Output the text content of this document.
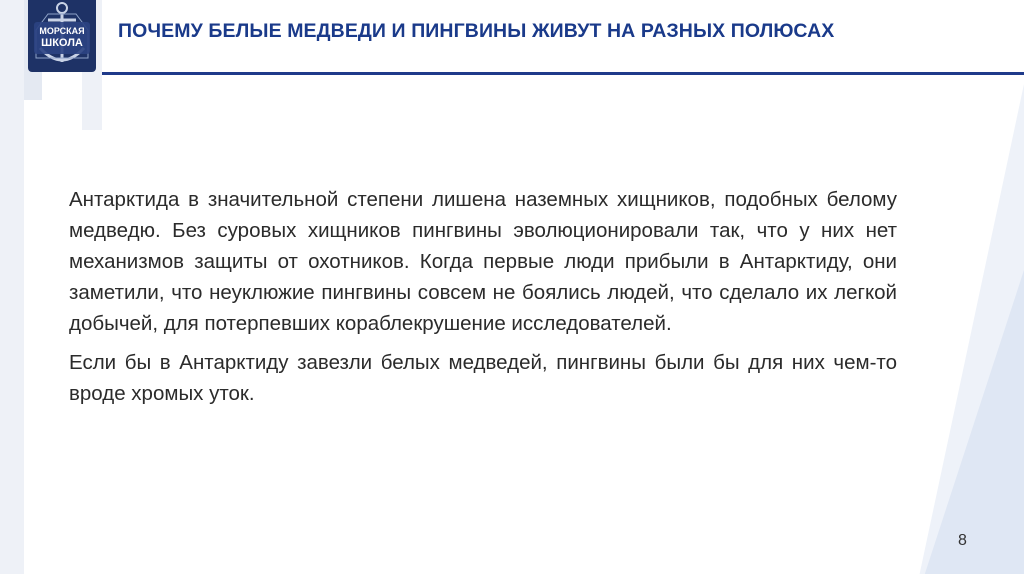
МОРСКАЯ
ШКОЛА
ПОЧЕМУ БЕЛЫЕ МЕДВЕДИ И ПИНГВИНЫ ЖИВУТ НА РАЗНЫХ ПОЛЮСАХ

Антарктида в значительной степени лишена наземных хищников, подобных белому медведю. Без суровых хищников пингвины эволюционировали так, что у них нет механизмов защиты от охотников. Когда первые люди прибыли в Антарктиду, они заметили, что неуклюжие пингвины совсем не боялись людей, что сделало их легкой добычей, для потерпевших кораблекрушение исследователей.

Если бы в Антарктиду завезли белых медведей, пингвины были бы для них чем-то вроде хромых уток.

8
